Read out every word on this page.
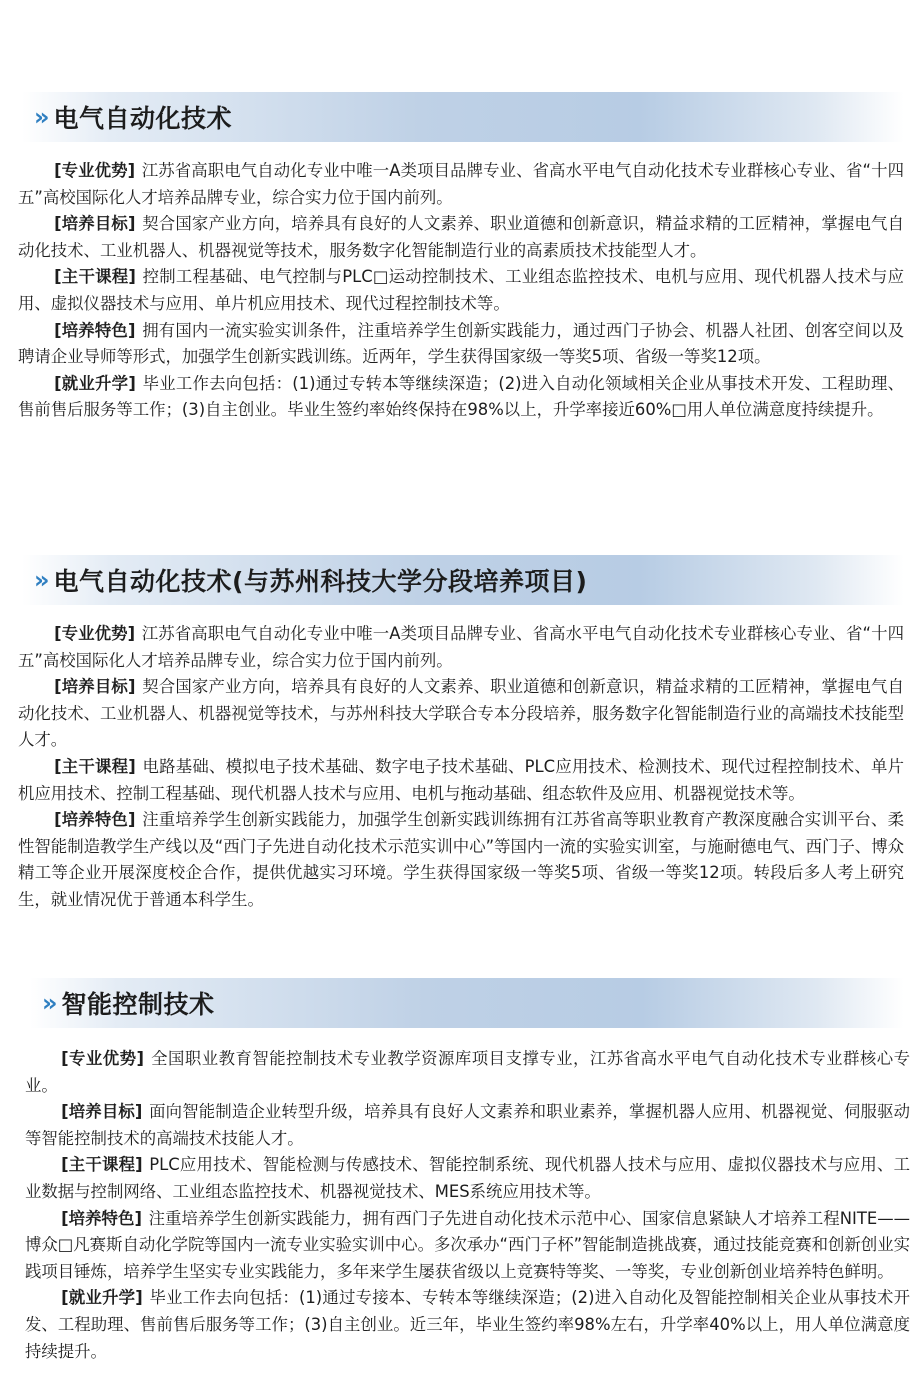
» 电气自动化技术

[专业优势] 江苏省高职电气自动化专业中唯一A类项目品牌专业、省高水平电气自动化技术专业群核心专业、省“十四五”高校国际化人才培养品牌专业，综合实力位于国内前列。

[培养目标] 契合国家产业方向，培养具有良好的人文素养、职业道德和创新意识，精益求精的工匠精神，掌握电气自动化技术、工业机器人、机器视觉等技术，服务数字化智能制造行业的高素质技术技能型人才。

[主干课程] 控制工程基础、电气控制与PLC□运动控制技术、工业组态监控技术、电机与应用、现代机器人技术与应用、虚拟仪器技术与应用、单片机应用技术、现代过程控制技术等。

[培养特色] 拥有国内一流实验实训条件，注重培养学生创新实践能力，通过西门子协会、机器人社团、创客空间以及聘请企业导师等形式，加强学生创新实践训练。近两年，学生获得国家级一等奖5项、省级一等奖12项。

[就业升学] 毕业工作去向包括：(1)通过专转本等继续深造；(2)进入自动化领域相关企业从事技术开发、工程助理、售前售后服务等工作；(3)自主创业。毕业生签约率始终保持在98%以上，升学率接近60%□用人单位满意度持续提升。

» 电气自动化技术(与苏州科技大学分段培养项目)

[专业优势] 江苏省高职电气自动化专业中唯一A类项目品牌专业、省高水平电气自动化技术专业群核心专业、省“十四五”高校国际化人才培养品牌专业，综合实力位于国内前列。

[培养目标] 契合国家产业方向，培养具有良好的人文素养、职业道德和创新意识，精益求精的工匠精神，掌握电气自动化技术、工业机器人、机器视觉等技术，与苏州科技大学联合专本分段培养，服务数字化智能制造行业的高端技术技能型人才。

[主干课程] 电路基础、模拟电子技术基础、数字电子技术基础、PLC应用技术、检测技术、现代过程控制技术、单片机应用技术、控制工程基础、现代机器人技术与应用、电机与拖动基础、组态软件及应用、机器视觉技术等。

[培养特色] 注重培养学生创新实践能力，加强学生创新实践训练拥有江苏省高等职业教育产教深度融合实训平台、柔性智能制造教学生产线以及“西门子先进自动化技术示范实训中心”等国内一流的实验实训室，与施耐德电气、西门子、博众精工等企业开展深度校企合作，提供优越实习环境。学生获得国家级一等奖5项、省级一等奖12项。转段后多人考上研究生，就业情况优于普通本科学生。

» 智能控制技术

[专业优势] 全国职业教育智能控制技术专业教学资源库项目支撑专业，江苏省高水平电气自动化技术专业群核心专业。

[培养目标] 面向智能制造企业转型升级，培养具有良好人文素养和职业素养，掌握机器人应用、机器视觉、伺服驱动等智能控制技术的高端技术技能人才。

[主干课程] PLC应用技术、智能检测与传感技术、智能控制系统、现代机器人技术与应用、虚拟仪器技术与应用、工业数据与控制网络、工业组态监控技术、机器视觉技术、MES系统应用技术等。

[培养特色] 注重培养学生创新实践能力，拥有西门子先进自动化技术示范中心、国家信息紧缺人才培养工程NITE——博众□凡赛斯自动化学院等国内一流专业实验实训中心。多次承办“西门子杯”智能制造挑战赛，通过技能竞赛和创新创业实践项目锤炼，培养学生坚实专业实践能力，多年来学生屡获省级以上竞赛特等奖、一等奖，专业创新创业培养特色鲜明。

[就业升学] 毕业工作去向包括：(1)通过专接本、专转本等继续深造；(2)进入自动化及智能控制相关企业从事技术开发、工程助理、售前售后服务等工作；(3)自主创业。近三年，毕业生签约率98%左右，升学率40%以上，用人单位满意度持续提升。
